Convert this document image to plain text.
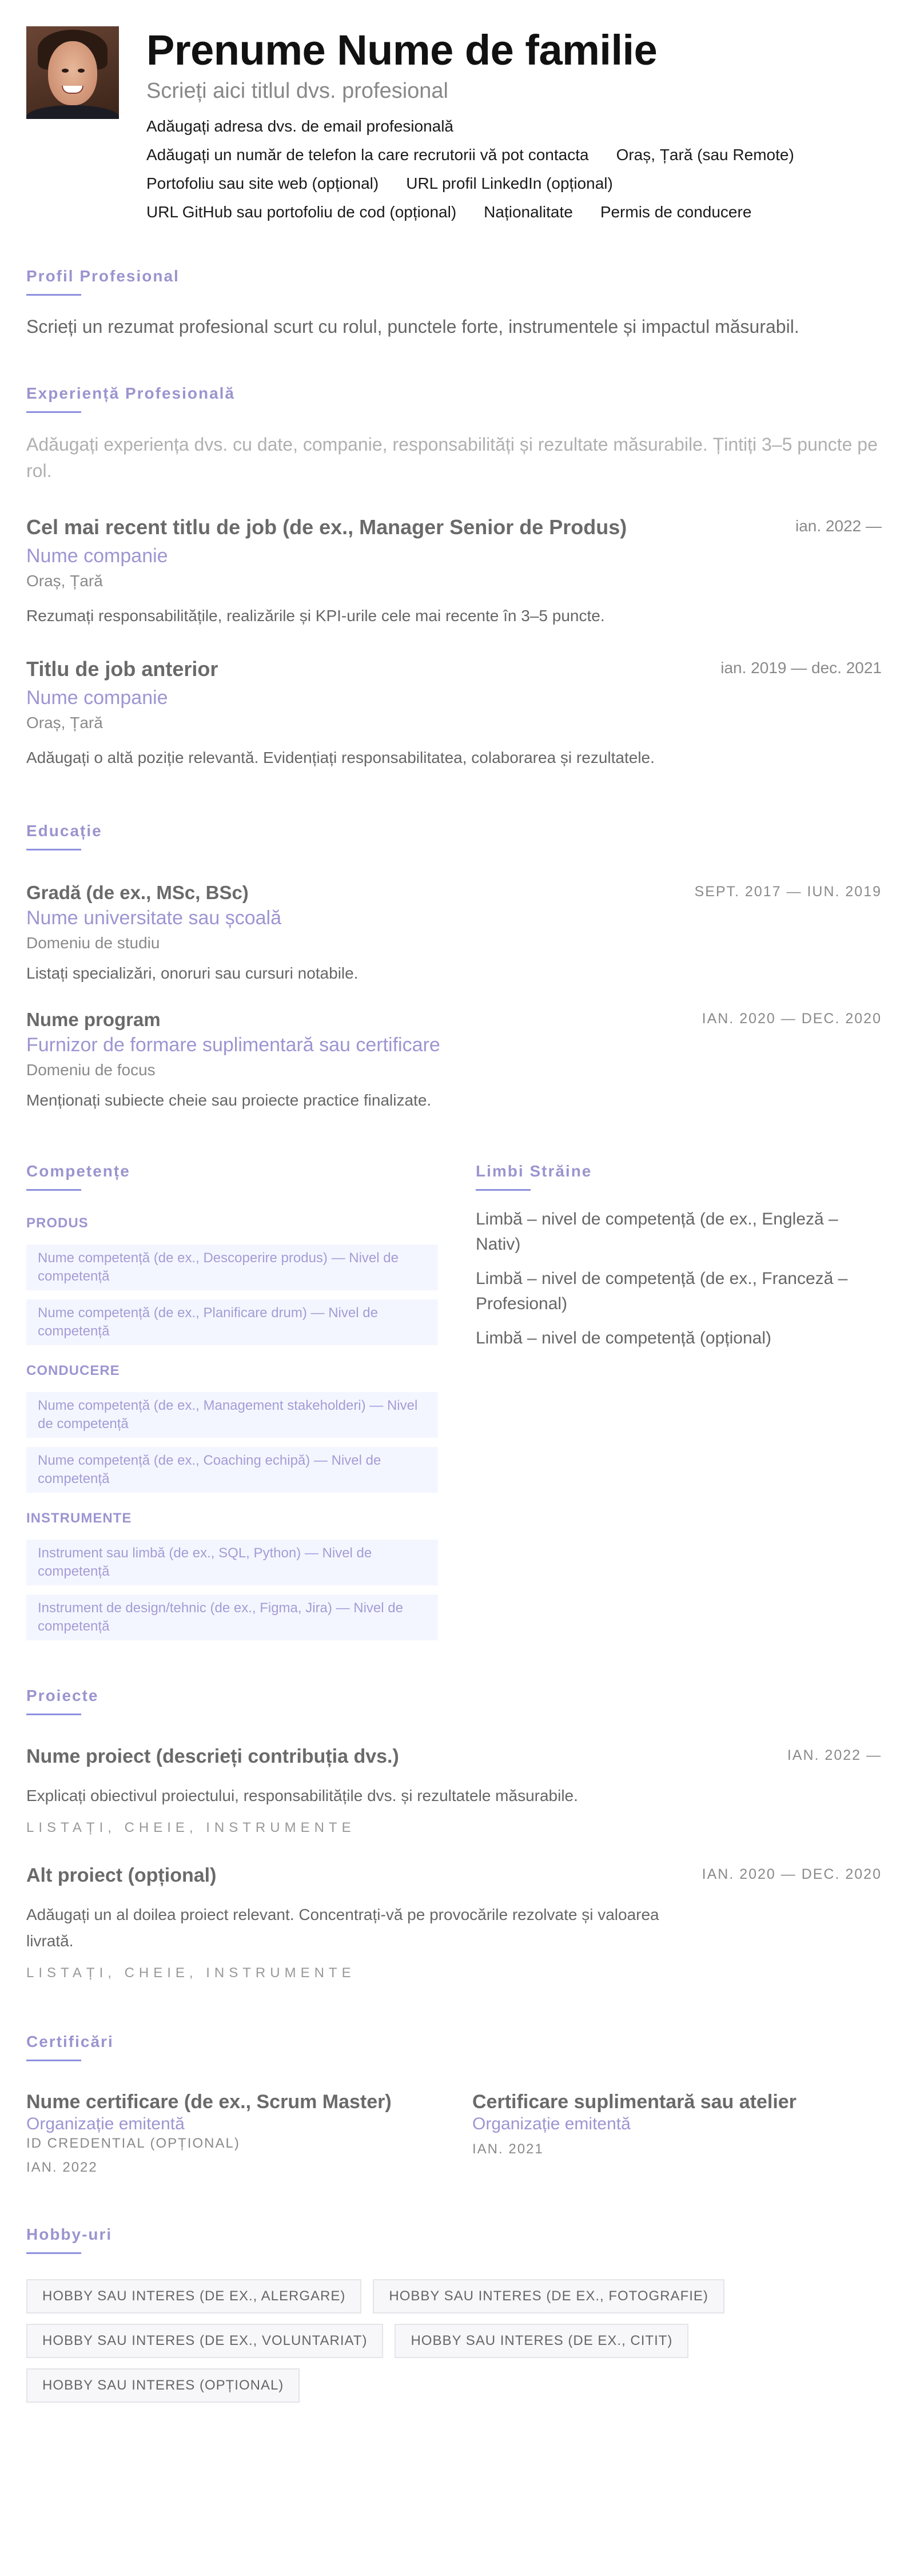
Prenume Nume de familie
Scrieți aici titlul dvs. profesional
Adăugați adresa dvs. de email profesională
Adăugați un număr de telefon la care recrutorii vă pot contacta Oraș, Țară (sau Remote)
Portofoliu sau site web (opțional) URL profil LinkedIn (opțional)
URL GitHub sau portofoliu de cod (opțional) Naționalitate Permis de conducere
Profil Profesional
Scrieți un rezumat profesional scurt cu rolul, punctele forte, instrumentele și impactul măsurabil.
Experiență Profesională
Adăugați experiența dvs. cu date, companie, responsabilități și rezultate măsurabile. Țintiți 3–5 puncte pe rol.
ian. 2022 —
Cel mai recent titlu de job (de ex., Manager Senior de Produs)
Nume companie
Oraș, Țară
Rezumați responsabilitățile, realizările și KPI-urile cele mai recente în 3–5 puncte.
ian. 2019 — dec. 2021
Titlu de job anterior
Nume companie
Oraș, Țară
Adăugați o altă poziție relevantă. Evidențiați responsabilitatea, colaborarea și rezultatele.
Educație
SEPT. 2017 — IUN. 2019
Gradă (de ex., MSc, BSc)
Nume universitate sau școală
Domeniu de studiu
Listați specializări, onoruri sau cursuri notabile.
IAN. 2020 — DEC. 2020
Nume program
Furnizor de formare suplimentară sau certificare
Domeniu de focus
Menționați subiecte cheie sau proiecte practice finalizate.
Competențe
PRODUS
Nume competență (de ex., Descoperire produs) — Nivel de competență
Nume competență (de ex., Planificare drum) — Nivel de competență
CONDUCERE
Nume competență (de ex., Management stakeholderi) — Nivel de competență
Nume competență (de ex., Coaching echipă) — Nivel de competență
INSTRUMENTE
Instrument sau limbă (de ex., SQL, Python) — Nivel de competență
Instrument de design/tehnic (de ex., Figma, Jira) — Nivel de competență
Limbi Străine
Limbă – nivel de competență (de ex., Engleză – Nativ)
Limbă – nivel de competență (de ex., Franceză – Profesional)
Limbă – nivel de competență (opțional)
Proiecte
IAN. 2022 —
Nume proiect (descrieți contribuția dvs.)
Explicați obiectivul proiectului, responsabilitățile dvs. și rezultatele măsurabile.
LISTAȚI, CHEIE, INSTRUMENTE
IAN. 2020 — DEC. 2020
Alt proiect (opțional)
Adăugați un al doilea proiect relevant. Concentrați-vă pe provocările rezolvate și valoarea livrată.
LISTAȚI, CHEIE, INSTRUMENTE
Certificări
Nume certificare (de ex., Scrum Master)
Organizație emitentă
ID CREDENTIAL (OPȚIONAL)
IAN. 2022
Certificare suplimentară sau atelier
Organizație emitentă
IAN. 2021
Hobby-uri
HOBBY SAU INTERES (DE EX., ALERGARE)	HOBBY SAU INTERES (DE EX., FOTOGRAFIE)
HOBBY SAU INTERES (DE EX., VOLUNTARIAT)	HOBBY SAU INTERES (DE EX., CITIT)
HOBBY SAU INTERES (OPȚIONAL)
